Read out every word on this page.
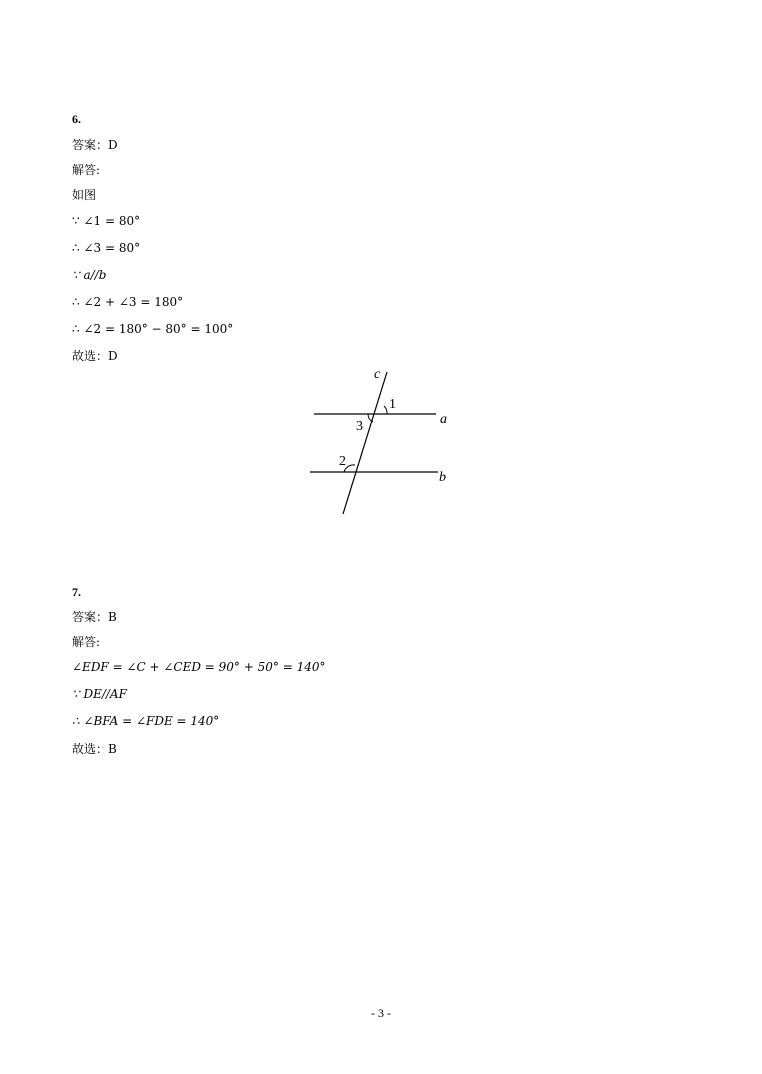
6.
答案：D
解答:
如图
∵ ∠1 = 80°
∴ ∠3 = 80°
∵ a//b
∴ ∠2 + ∠3 = 180°
∴ ∠2 = 180° − 80° = 100°
故选：D
c
a
b
1
3
2
7.
答案：B
解答:
∠EDF = ∠C + ∠CED = 90° + 50° = 140°
∵ DE//AF
∴ ∠BFA = ∠FDE = 140°
故选：B
- 3 -
